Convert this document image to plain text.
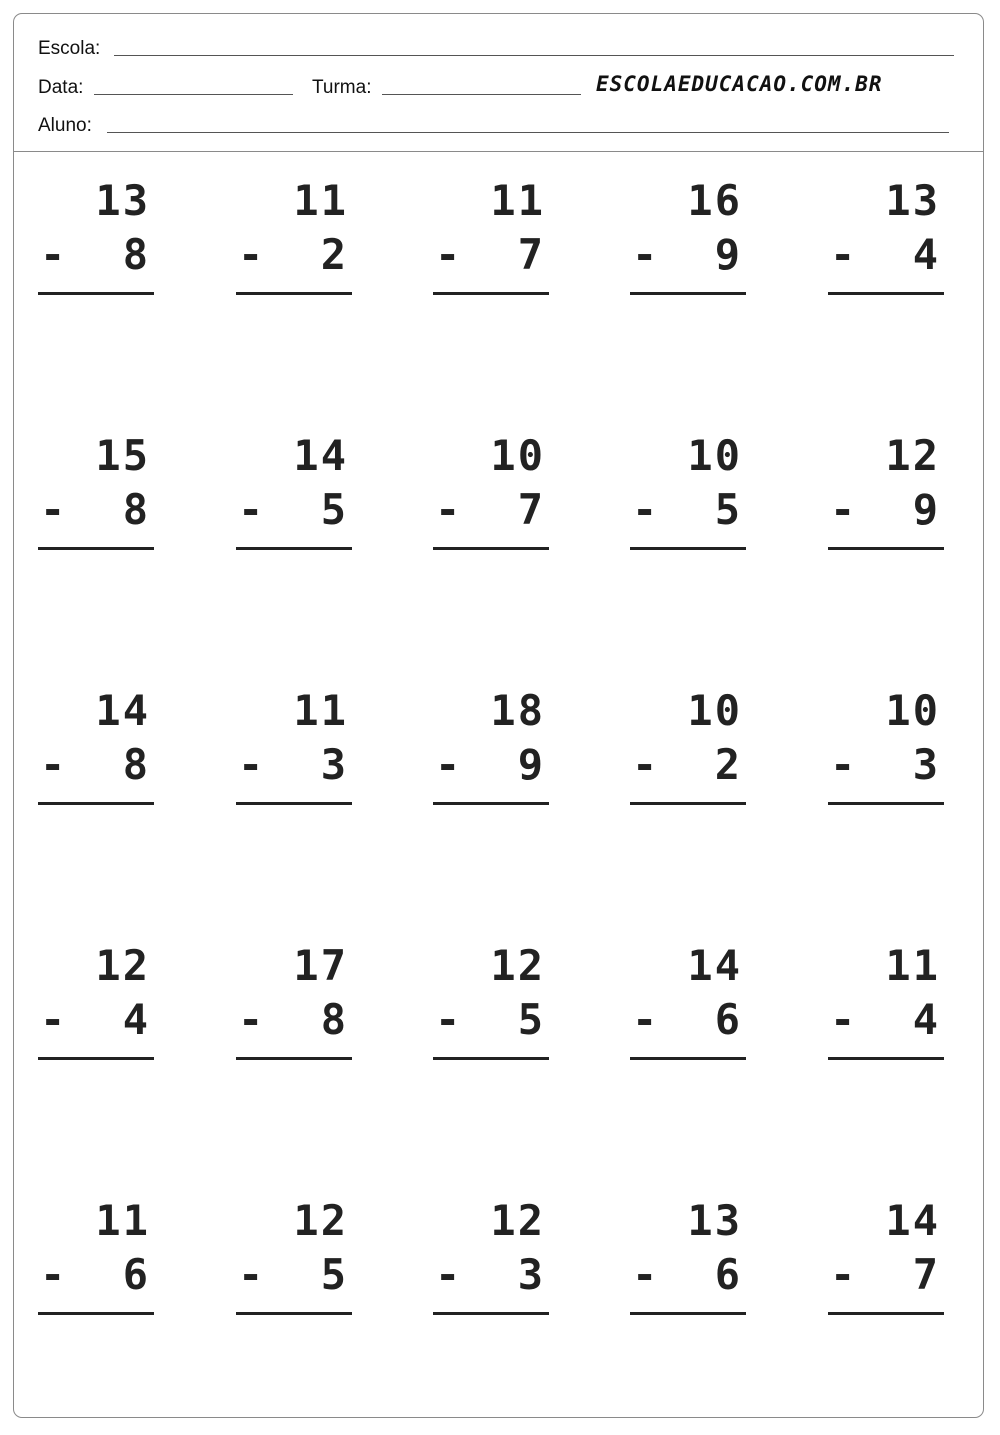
Escola:
Data:	Turma:	ESCOLAEDUCACAO.COM.BR
Aluno:
13
- 8
11
- 2
11
- 7
16
- 9
13
- 4
15
- 8
14
- 5
10
- 7
10
- 5
12
- 9
14
- 8
11
- 3
18
- 9
10
- 2
10
- 3
12
- 4
17
- 8
12
- 5
14
- 6
11
- 4
11
- 6
12
- 5
12
- 3
13
- 6
14
- 7
